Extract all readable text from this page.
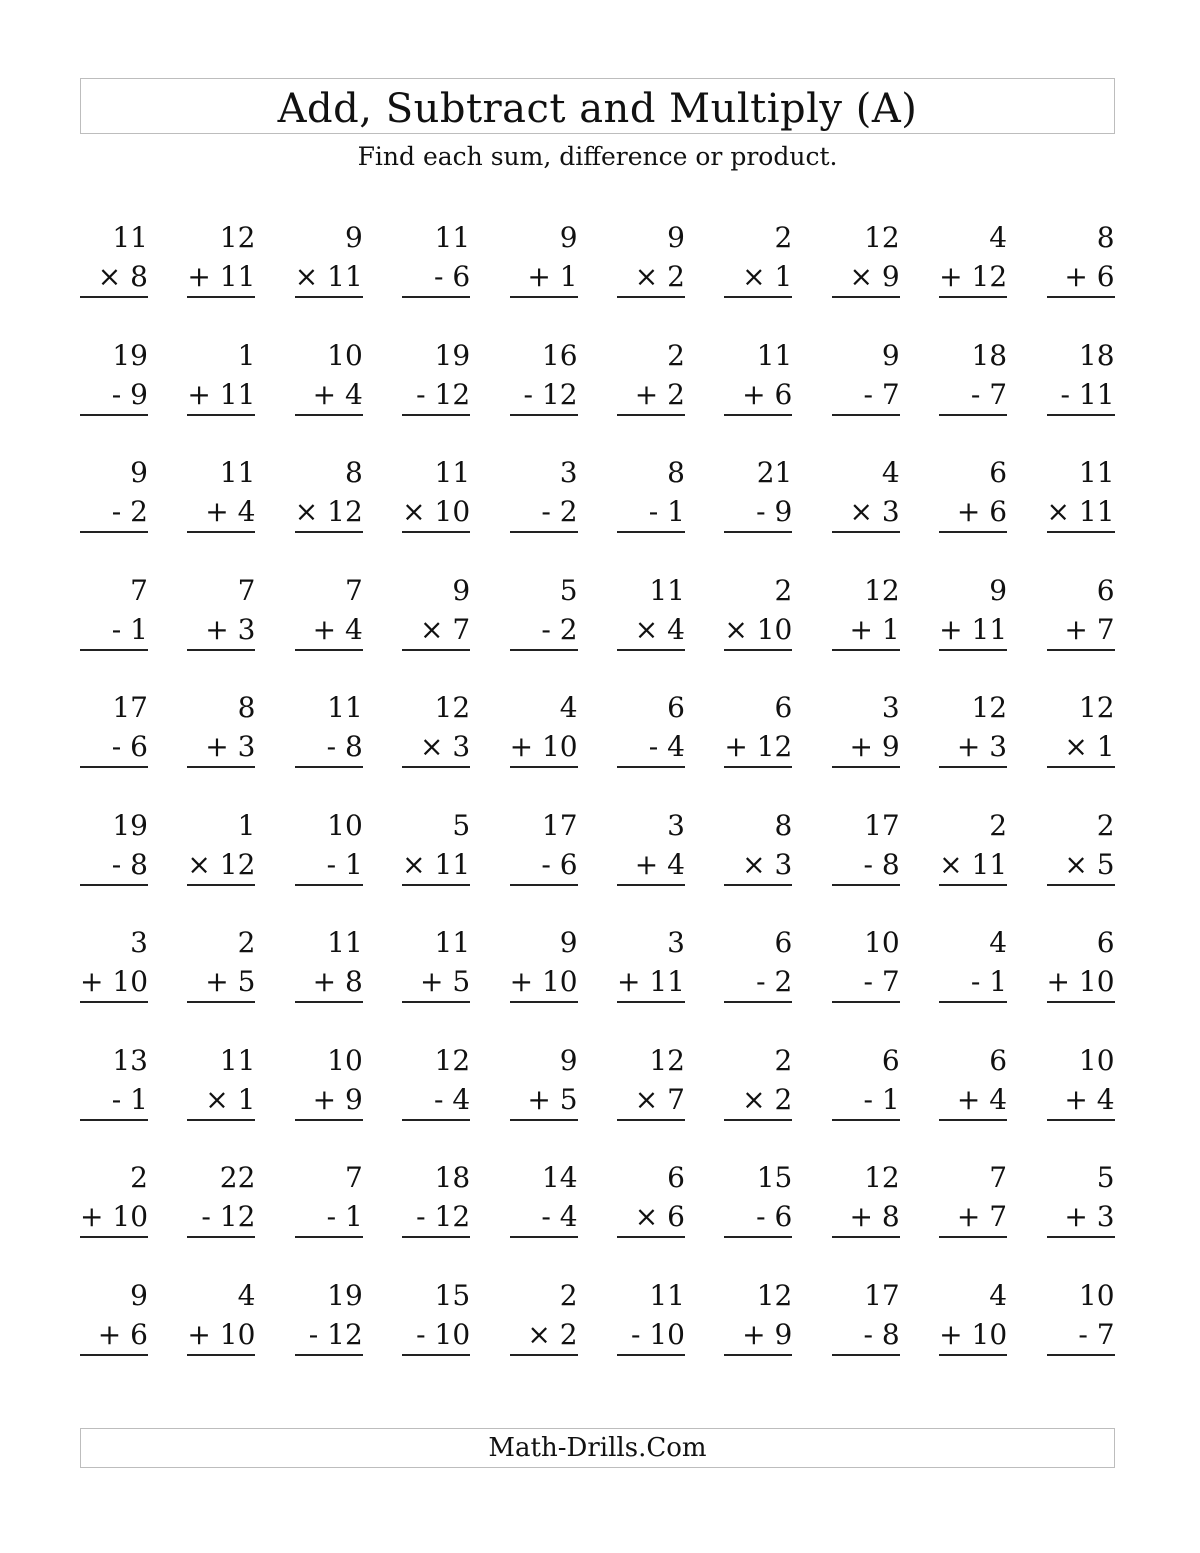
Add, Subtract and Multiply (A)
Find each sum, difference or product.
11
× 8
12
+ 11
9
× 11
11
- 6
9
+ 1
9
× 2
2
× 1
12
× 9
4
+ 12
8
+ 6
19
- 9
1
+ 11
10
+ 4
19
- 12
16
- 12
2
+ 2
11
+ 6
9
- 7
18
- 7
18
- 11
9
- 2
11
+ 4
8
× 12
11
× 10
3
- 2
8
- 1
21
- 9
4
× 3
6
+ 6
11
× 11
7
- 1
7
+ 3
7
+ 4
9
× 7
5
- 2
11
× 4
2
× 10
12
+ 1
9
+ 11
6
+ 7
17
- 6
8
+ 3
11
- 8
12
× 3
4
+ 10
6
- 4
6
+ 12
3
+ 9
12
+ 3
12
× 1
19
- 8
1
× 12
10
- 1
5
× 11
17
- 6
3
+ 4
8
× 3
17
- 8
2
× 11
2
× 5
3
+ 10
2
+ 5
11
+ 8
11
+ 5
9
+ 10
3
+ 11
6
- 2
10
- 7
4
- 1
6
+ 10
13
- 1
11
× 1
10
+ 9
12
- 4
9
+ 5
12
× 7
2
× 2
6
- 1
6
+ 4
10
+ 4
2
+ 10
22
- 12
7
- 1
18
- 12
14
- 4
6
× 6
15
- 6
12
+ 8
7
+ 7
5
+ 3
9
+ 6
4
+ 10
19
- 12
15
- 10
2
× 2
11
- 10
12
+ 9
17
- 8
4
+ 10
10
- 7
Math-Drills.Com
